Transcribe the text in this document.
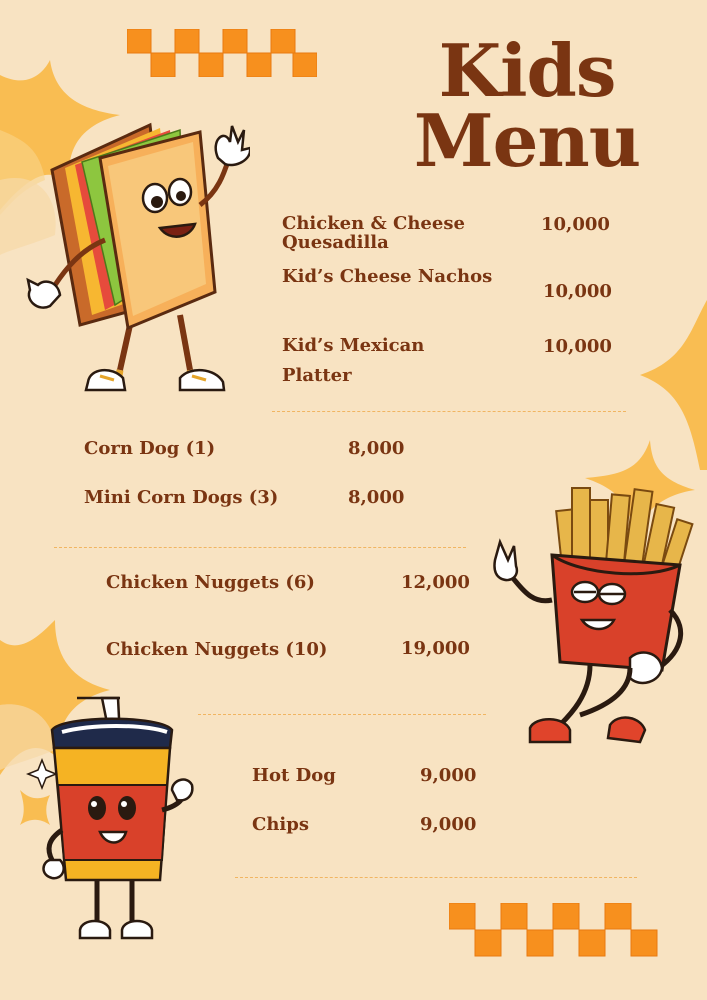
Kids
Menu
Chicken & Cheese Quesadilla
10,000
Kid’s Cheese Nachos
10,000
Kid’s Mexican
Platter
10,000
Corn Dog (1)	8,000
Mini Corn Dogs (3)	8,000
Chicken Nuggets (6)	12,000
Chicken Nuggets (10)	19,000
Hot Dog	9,000
Chips	9,000
